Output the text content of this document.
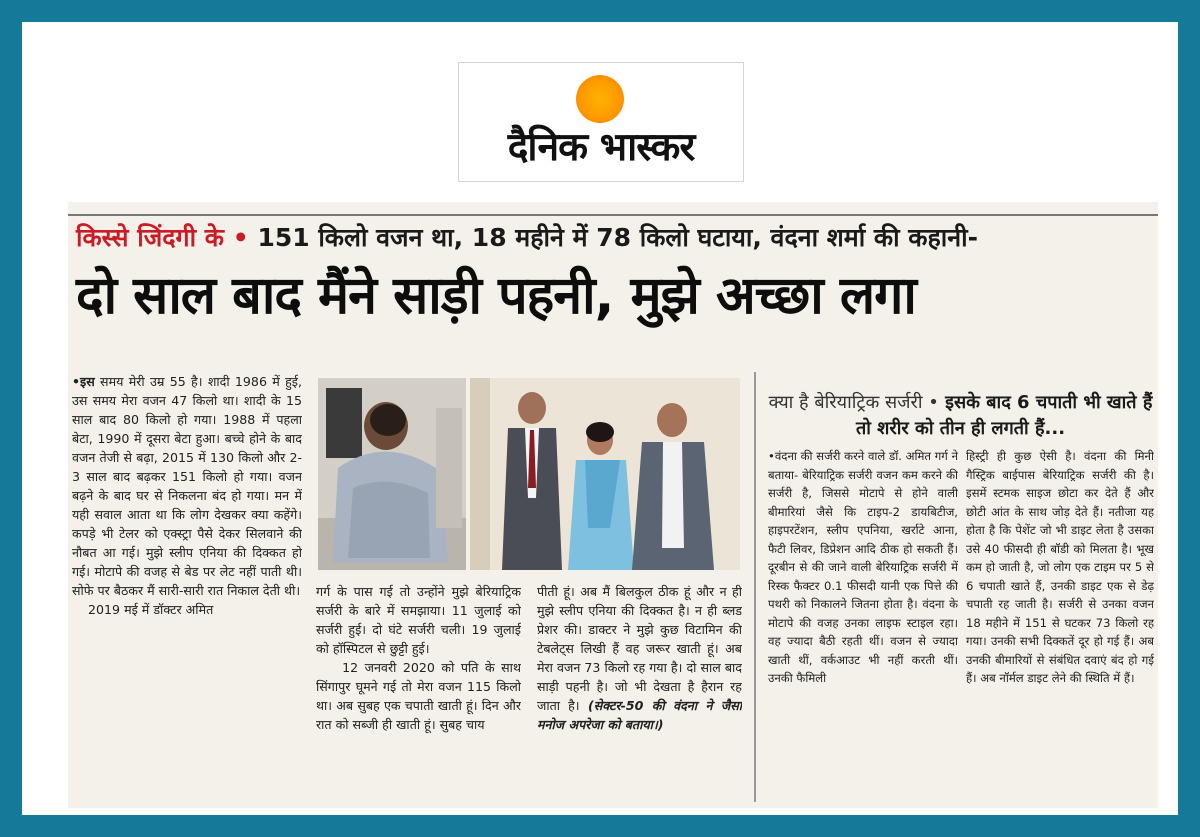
दैनिक भास्कर
किस्से जिंदगी के • 151 किलो वजन था, 18 महीने में 78 किलो घटाया, वंदना शर्मा की कहानी-
दो साल बाद मैंने साड़ी पहनी, मुझे अच्छा लगा
•इस समय मेरी उम्र 55 है। शादी 1986 में हुई, उस समय मेरा वजन 47 किलो था। शादी के 15 साल बाद 80 किलो हो गया। 1988 में पहला बेटा, 1990 में दूसरा बेटा हुआ। बच्चे होने के बाद वजन तेजी से बढ़ा, 2015 में 130 किलो और 2-3 साल बाद बढ़कर 151 किलो हो गया। वजन बढ़ने के बाद घर से निकलना बंद हो गया। मन में यही सवाल आता था कि लोग देखकर क्या कहेंगे। कपड़े भी टेलर को एक्स्ट्रा पैसे देकर सिलवाने की नौबत आ गई। मुझे स्लीप एनिया की दिक्कत हो गई। मोटापे की वजह से बेड पर लेट नहीं पाती थी। सोफे पर बैठकर मैं सारी-सारी रात निकाल देती थी।
2019 मई में डॉक्टर अमित
गर्ग के पास गई तो उन्होंने मुझे बेरियाट्रिक सर्जरी के बारे में समझाया। 11 जुलाई को सर्जरी हुई। दो घंटे सर्जरी चली। 19 जुलाई को हॉस्पिटल से छुट्टी हुई।
12 जनवरी 2020 को पति के साथ सिंगापुर घूमने गई तो मेरा वजन 115 किलो था। अब सुबह एक चपाती खाती हूं। दिन और रात को सब्जी ही खाती हूं। सुबह चाय
पीती हूं। अब मैं बिलकुल ठीक हूं और न ही मुझे स्लीप एनिया की दिक्कत है। न ही ब्लड प्रेशर की। डाक्टर ने मुझे कुछ विटामिन की टेबलेट्स लिखी हैं वह जरूर खाती हूं। अब मेरा वजन 73 किलो रह गया है। दो साल बाद साड़ी पहनी है। जो भी देखता है हैरान रह जाता है। (सेक्टर-50 की वंदना ने जैसा मनोज अपरेजा को बताया।)
क्या है बेरियाट्रिक सर्जरी • इसके बाद 6 चपाती भी खाते हैं तो शरीर को तीन ही लगती हैं...
•वंदना की सर्जरी करने वाले डॉ. अमित गर्ग ने बताया- बेरियाट्रिक सर्जरी वजन कम करने की सर्जरी है, जिससे मोटापे से होने वाली बीमारियां जैसे कि टाइप-2 डायबिटीज, हाइपरटेंशन, स्लीप एपनिया, खर्राटे आना, फैटी लिवर, डिप्रेशन आदि ठीक हो सकती हैं। दूरबीन से की जाने वाली बेरियाट्रिक सर्जरी में रिस्क फैक्टर 0.1 फीसदी यानी एक पित्ते की पथरी को निकालने जितना होता है। वंदना के मोटापे की वजह उनका लाइफ स्टाइल रहा। वह ज्यादा बैठी रहती थीं। वजन से ज्यादा खाती थीं, वर्कआउट भी नहीं करती थीं। उनकी फैमिली
हिस्ट्री ही कुछ ऐसी है। वंदना की मिनी गैस्ट्रिक बाईपास बेरियाट्रिक सर्जरी की है। इसमें स्टमक साइज छोटा कर देते हैं और छोटी आंत के साथ जोड़ देते हैं। नतीजा यह होता है कि पेशेंट जो भी डाइट लेता है उसका उसे 40 फीसदी ही बॉडी को मिलता है। भूख कम हो जाती है, जो लोग एक टाइम पर 5 से 6 चपाती खाते हैं, उनकी डाइट एक से डेढ़ चपाती रह जाती है। सर्जरी से उनका वजन 18 महीने में 151 से घटकर 73 किलो रह गया। उनकी सभी दिक्कतें दूर हो गई हैं। अब उनकी बीमारियों से संबंधित दवाएं बंद हो गई हैं। अब नॉर्मल डाइट लेने की स्थिति में हैं।
